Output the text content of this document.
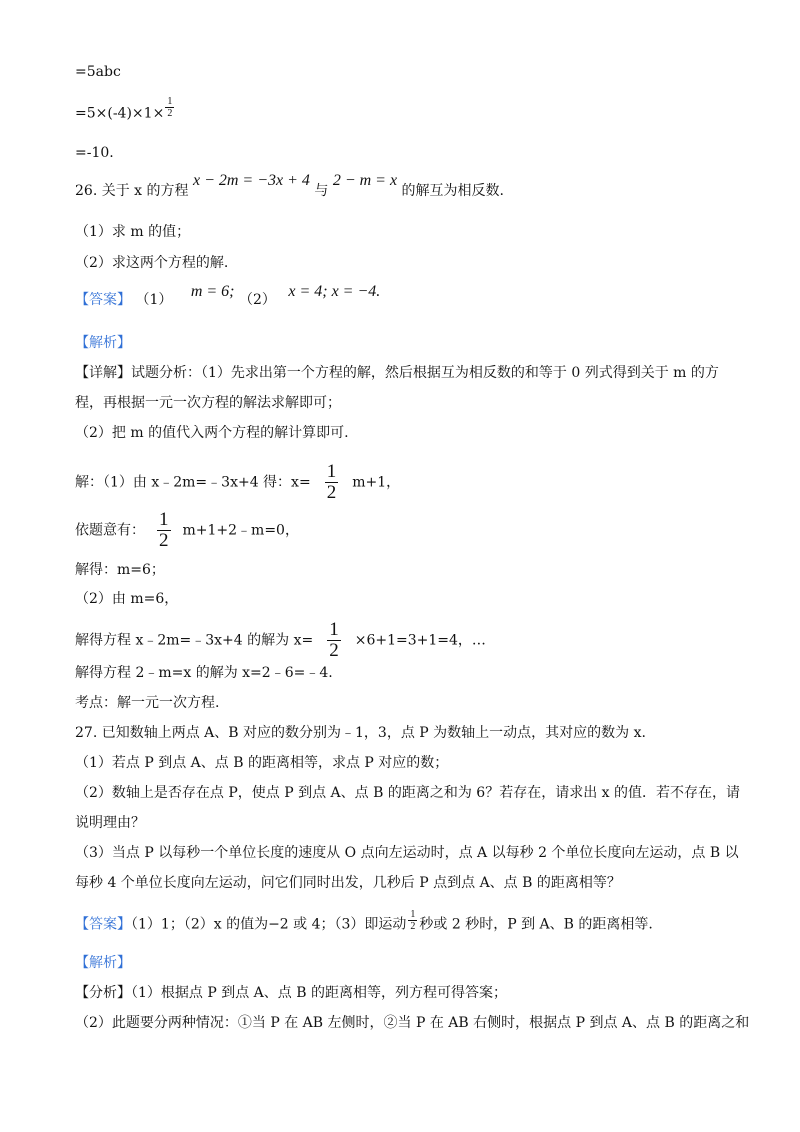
=5abc
$=5\times(-4)\times 1\times \frac{1}{2}$
=-10.
26. 关于 x 的方程 x − 2m = −3x + 4 与 2 − m = x 的解互为相反数.
（1）求 m 的值；
（2）求这两个方程的解.
【答案】 （1） m = 6; （2） x = 4; x = −4.
【解析】
【详解】试题分析：（1）先求出第一个方程的解，然后根据互为相反数的和等于 0 列式得到关于 m 的方
程，再根据一元一次方程的解法求解即可；
（2）把 m 的值代入两个方程的解计算即可.
解：（1）由 x﹣2m=﹣3x+4 得：$x= \frac{1}{2} m+1$，
依题意有： $\frac{1}{2}$ m+1+2﹣m=0，
解得：m=6；
（2）由 m=6，
解得方程 x﹣2m=﹣3x+4 的解为 $x= \frac{1}{2} \times 6+1=3+1=4$，…
解得方程 2﹣m=x 的解为 x=2﹣6=﹣4.
考点：解一元一次方程.
27. 已知数轴上两点 A、B 对应的数分别为﹣1，3，点 P 为数轴上一动点，其对应的数为 x.
（1）若点 P 到点 A、点 B 的距离相等，求点 P 对应的数；
（2）数轴上是否存在点 P，使点 P 到点 A、点 B 的距离之和为 6？若存在，请求出 x 的值．若不存在，请
说明理由？
（3）当点 P 以每秒一个单位长度的速度从 O 点向左运动时，点 A 以每秒 2 个单位长度向左运动，点 B 以
每秒 4 个单位长度向左运动，问它们同时出发，几秒后 P 点到点 A、点 B 的距离相等？
【答案】（1）1；（2）x 的值为−2 或 4；（3）即运动 $\frac{1}{2}$ 秒或 2 秒时，P 到 A、B 的距离相等.
【解析】
【分析】（1）根据点 P 到点 A、点 B 的距离相等，列方程可得答案；
（2）此题要分两种情况：①当 P 在 AB 左侧时，②当 P 在 AB 右侧时，根据点 P 到点 A、点 B 的距离之和
